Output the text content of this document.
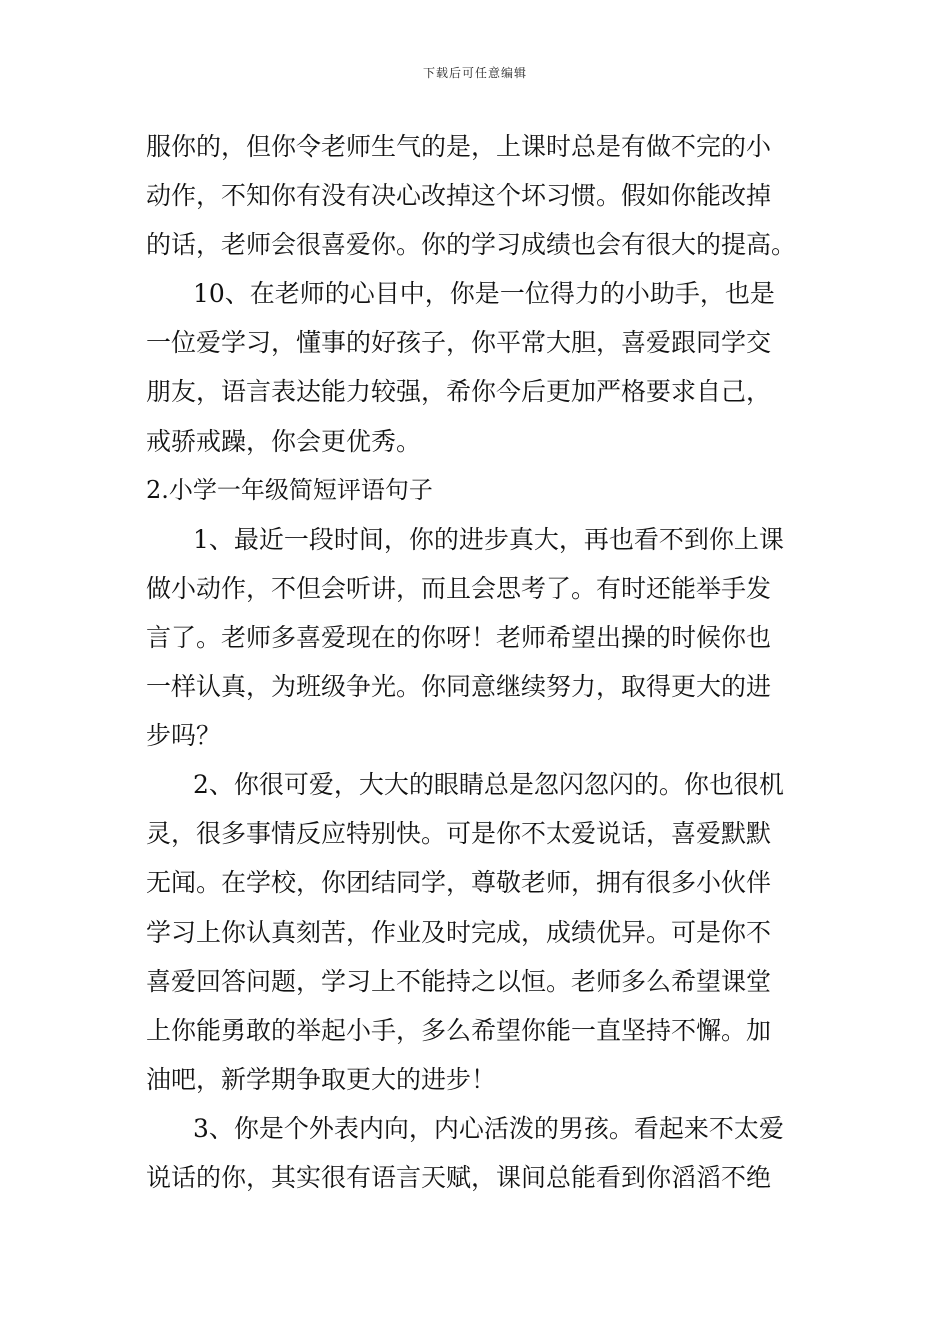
下载后可任意编辑
服你的，但你令老师生气的是，上课时总是有做不完的小
动作，不知你有没有决心改掉这个坏习惯。假如你能改掉
的话，老师会很喜爱你。你的学习成绩也会有很大的提高。
10、在老师的心目中，你是一位得力的小助手，也是
一位爱学习，懂事的好孩子，你平常大胆，喜爱跟同学交
朋友，语言表达能力较强，希你今后更加严格要求自己，
戒骄戒躁，你会更优秀。
2.小学一年级简短评语句子
1、最近一段时间，你的进步真大，再也看不到你上课
做小动作，不但会听讲，而且会思考了。有时还能举手发
言了。老师多喜爱现在的你呀！老师希望出操的时候你也
一样认真，为班级争光。你同意继续努力，取得更大的进
步吗？
2、你很可爱，大大的眼睛总是忽闪忽闪的。你也很机
灵，很多事情反应特别快。可是你不太爱说话，喜爱默默
无闻。在学校，你团结同学，尊敬老师，拥有很多小伙伴
学习上你认真刻苦，作业及时完成，成绩优异。可是你不
喜爱回答问题，学习上不能持之以恒。老师多么希望课堂
上你能勇敢的举起小手，多么希望你能一直坚持不懈。加
油吧，新学期争取更大的进步！
3、你是个外表内向，内心活泼的男孩。看起来不太爱
说话的你，其实很有语言天赋，课间总能看到你滔滔不绝
